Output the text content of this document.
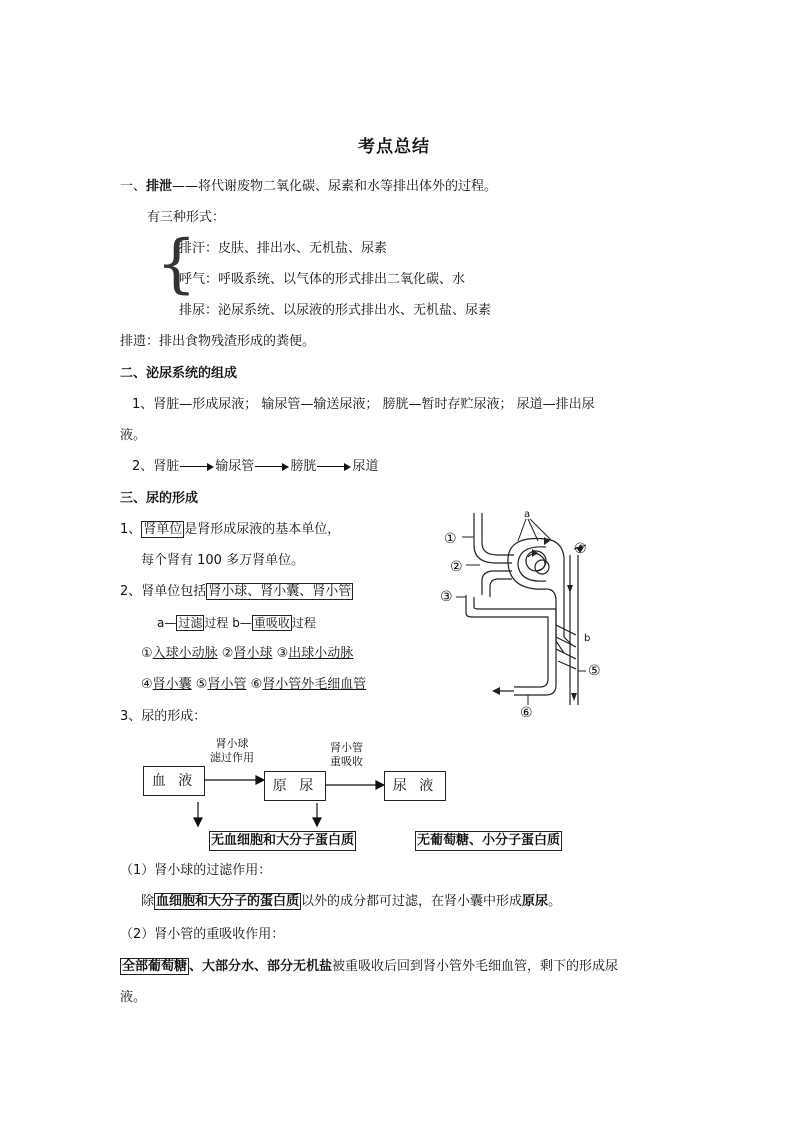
考点总结
一、排泄——将代谢废物二氧化碳、尿素和水等排出体外的过程。
有三种形式：
{
排汗：皮肤、排出水、无机盐、尿素
呼气：呼吸系统、以气体的形式排出二氧化碳、水
排尿：泌尿系统、以尿液的形式排出水、无机盐、尿素
排遗：排出食物残渣形成的粪便。
二、泌尿系统的组成
1、肾脏—形成尿液； 输尿管—输送尿液； 膀胱—暂时存贮尿液； 尿道—排出尿
液。
2、肾脏	输尿管	膀胱	尿道
三、尿的形成
1、 肾单位 是肾形成尿液的基本单位，
每个肾有 100 多万肾单位。
2、肾单位包括 肾小球、肾小囊、肾小管
a— 过滤 过程 b— 重吸收 过程
①入球小动脉 ②肾小球 ③出球小动脉
④肾小囊 ⑤肾小管 ⑥肾小管外毛细血管
3、尿的形成：
①
②
③
④
⑤
⑥
a
b
肾小球
滤过作用
肾小管
重吸收
血 液	原 尿	尿 液
无血细胞和大分子蛋白质	无葡萄糖、小分子蛋白质
（1）肾小球的过滤作用：
除 血细胞和大分子的蛋白质 以外的成分都可过滤，在肾小囊中形成原尿。
（2）肾小管的重吸收作用：
全部葡萄糖 、大部分水、部分无机盐被重吸收后回到肾小管外毛细血管，剩下的形成尿
液。
